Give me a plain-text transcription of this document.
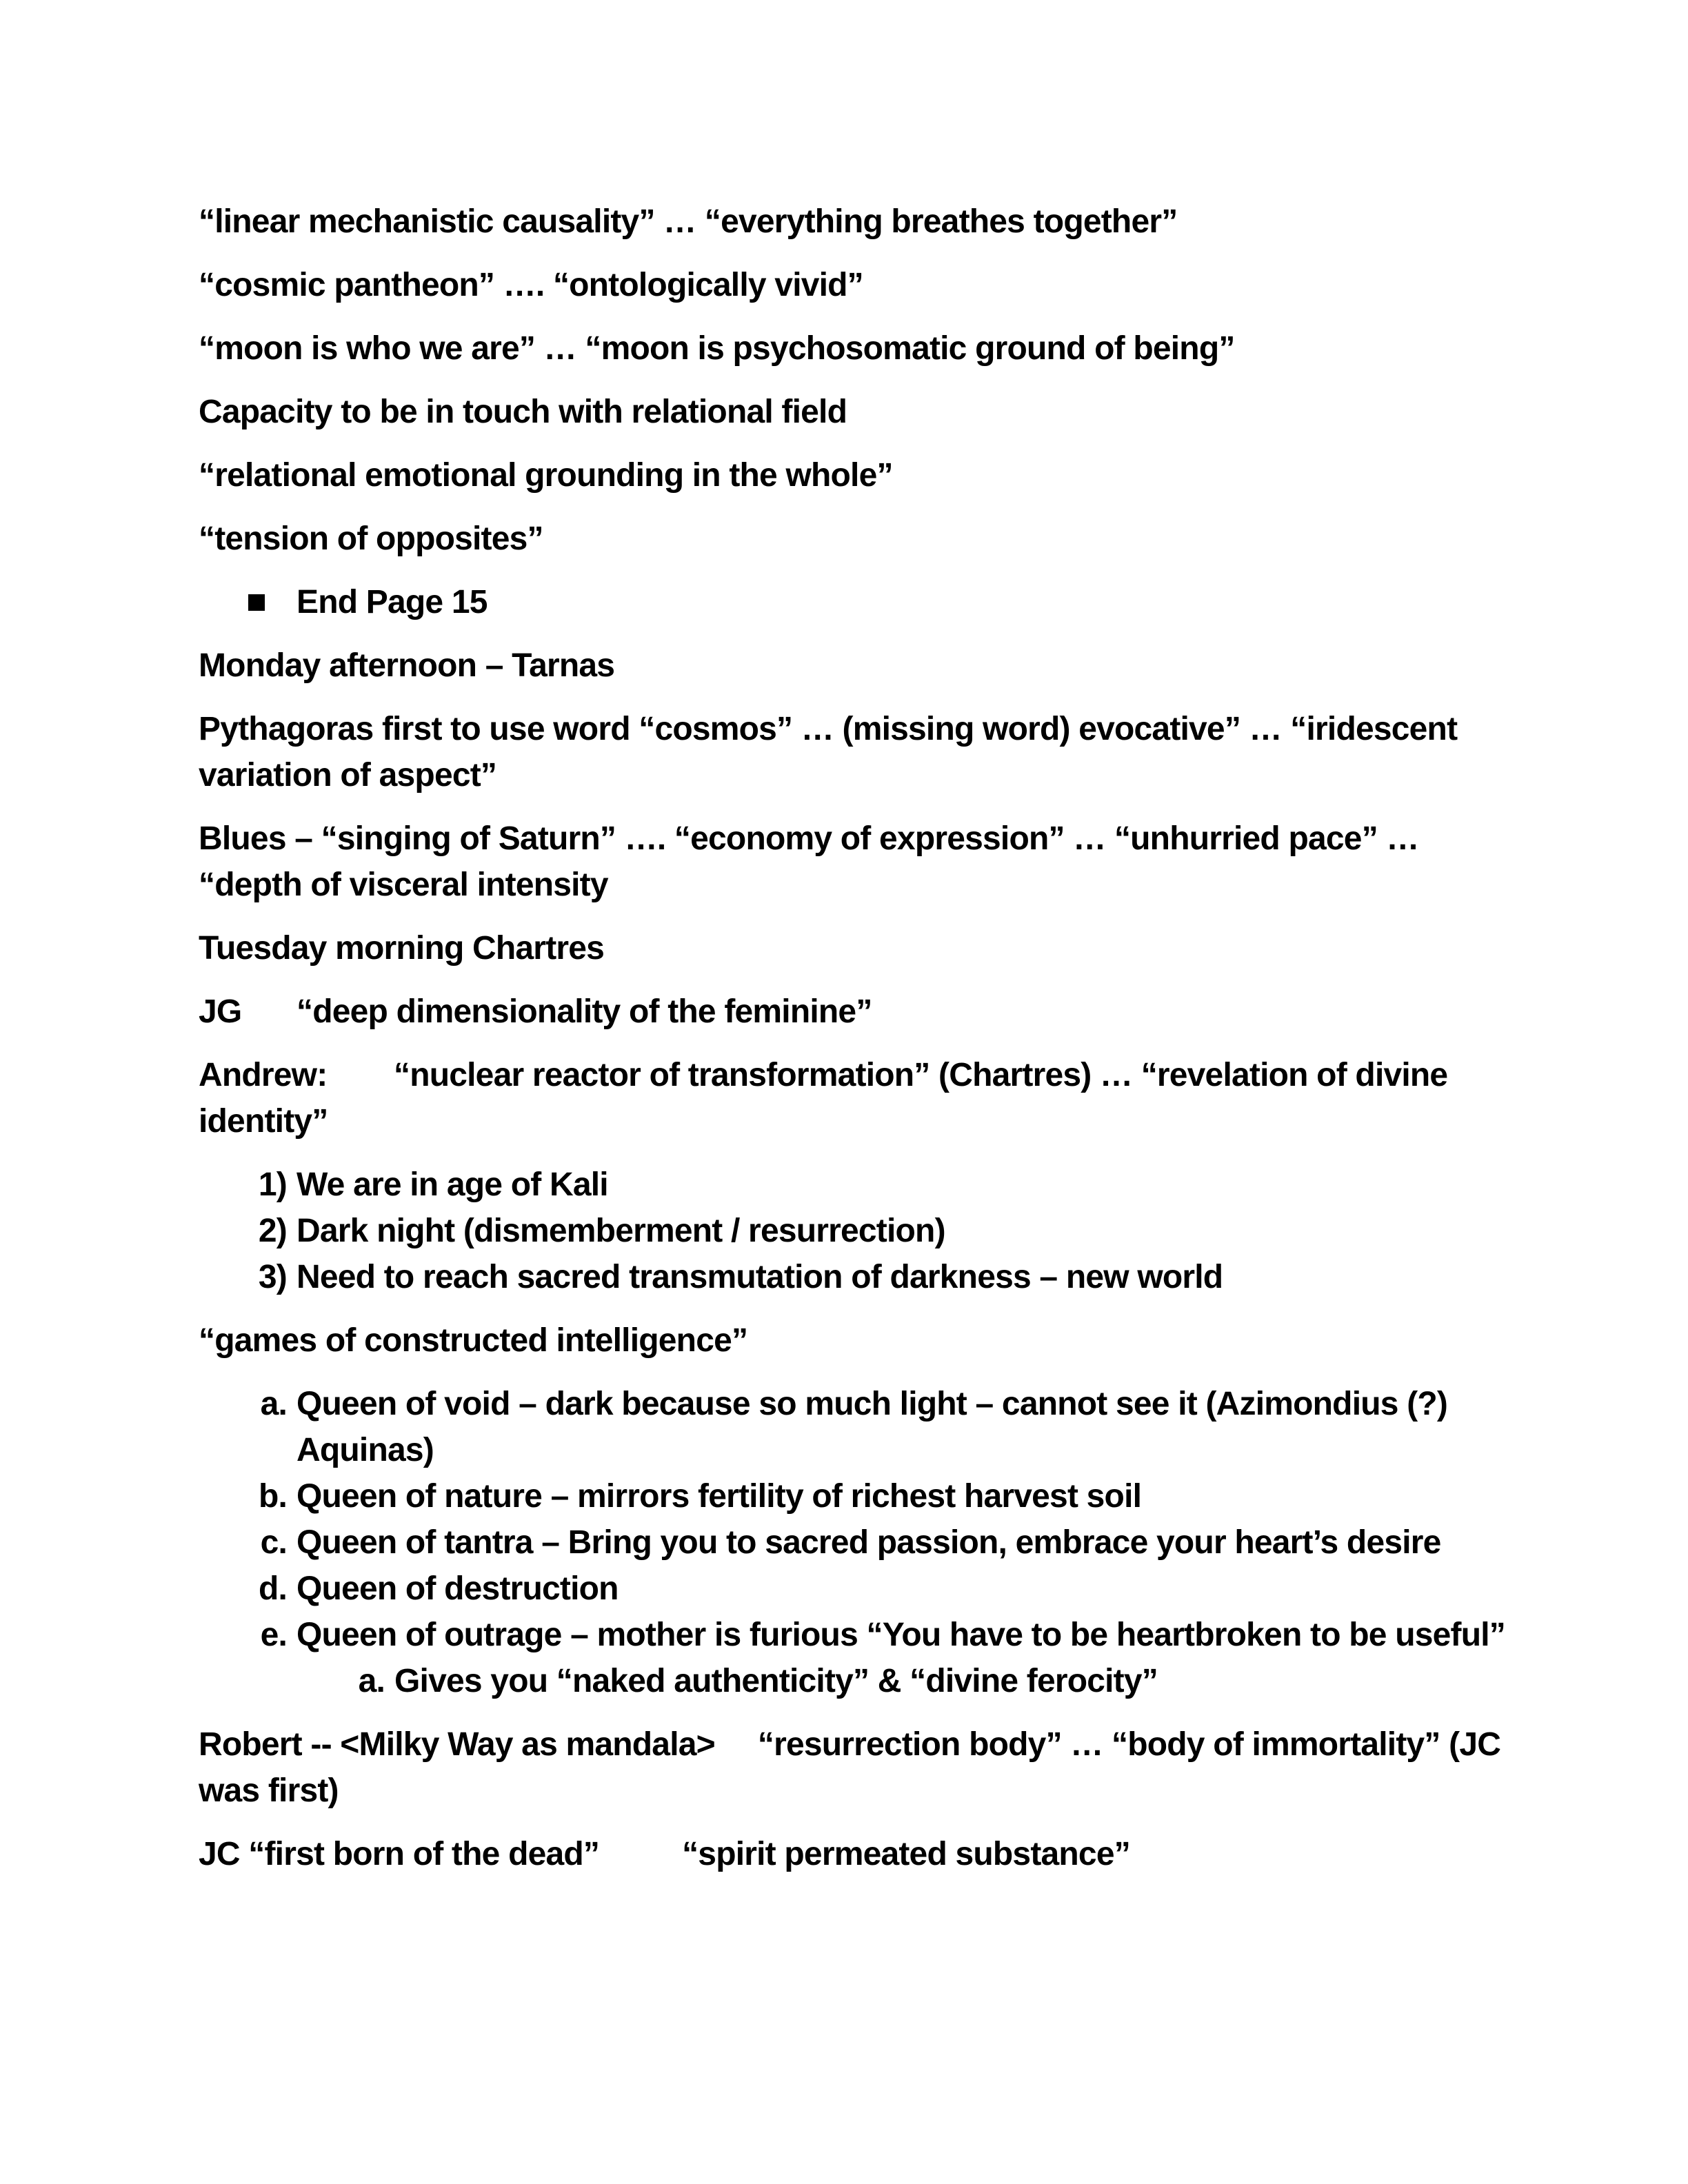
“linear mechanistic causality” … “everything breathes together”

“cosmic pantheon” …. “ontologically vivid”

“moon is who we are” … “moon is psychosomatic ground of being”

Capacity to be in touch with relational field

“relational emotional grounding in the whole”

“tension of opposites”

End Page 15

Monday afternoon – Tarnas

Pythagoras first to use word “cosmos” … (missing word) evocative” … “iridescent variation of aspect”

Blues – “singing of Saturn” …. “economy of expression” … “unhurried pace” … “depth of visceral intensity

Tuesday morning Chartres

JG “deep dimensionality of the feminine”

Andrew: “nuclear reactor of transformation” (Chartres) … “revelation of divine identity”

1) We are in age of Kali
2) Dark night (dismemberment / resurrection)
3) Need to reach sacred transmutation of darkness – new world

“games of constructed intelligence”

a. Queen of void – dark because so much light – cannot see it (Azimondius (?) Aquinas)
b. Queen of nature – mirrors fertility of richest harvest soil
c. Queen of tantra – Bring you to sacred passion, embrace your heart’s desire
d. Queen of destruction
e. Queen of outrage – mother is furious “You have to be heartbroken to be useful”
a. Gives you “naked authenticity” & “divine ferocity”

Robert -- <Milky Way as mandala> “resurrection body” … “body of immortality” (JC was first)

JC “first born of the dead”	“spirit permeated substance”
